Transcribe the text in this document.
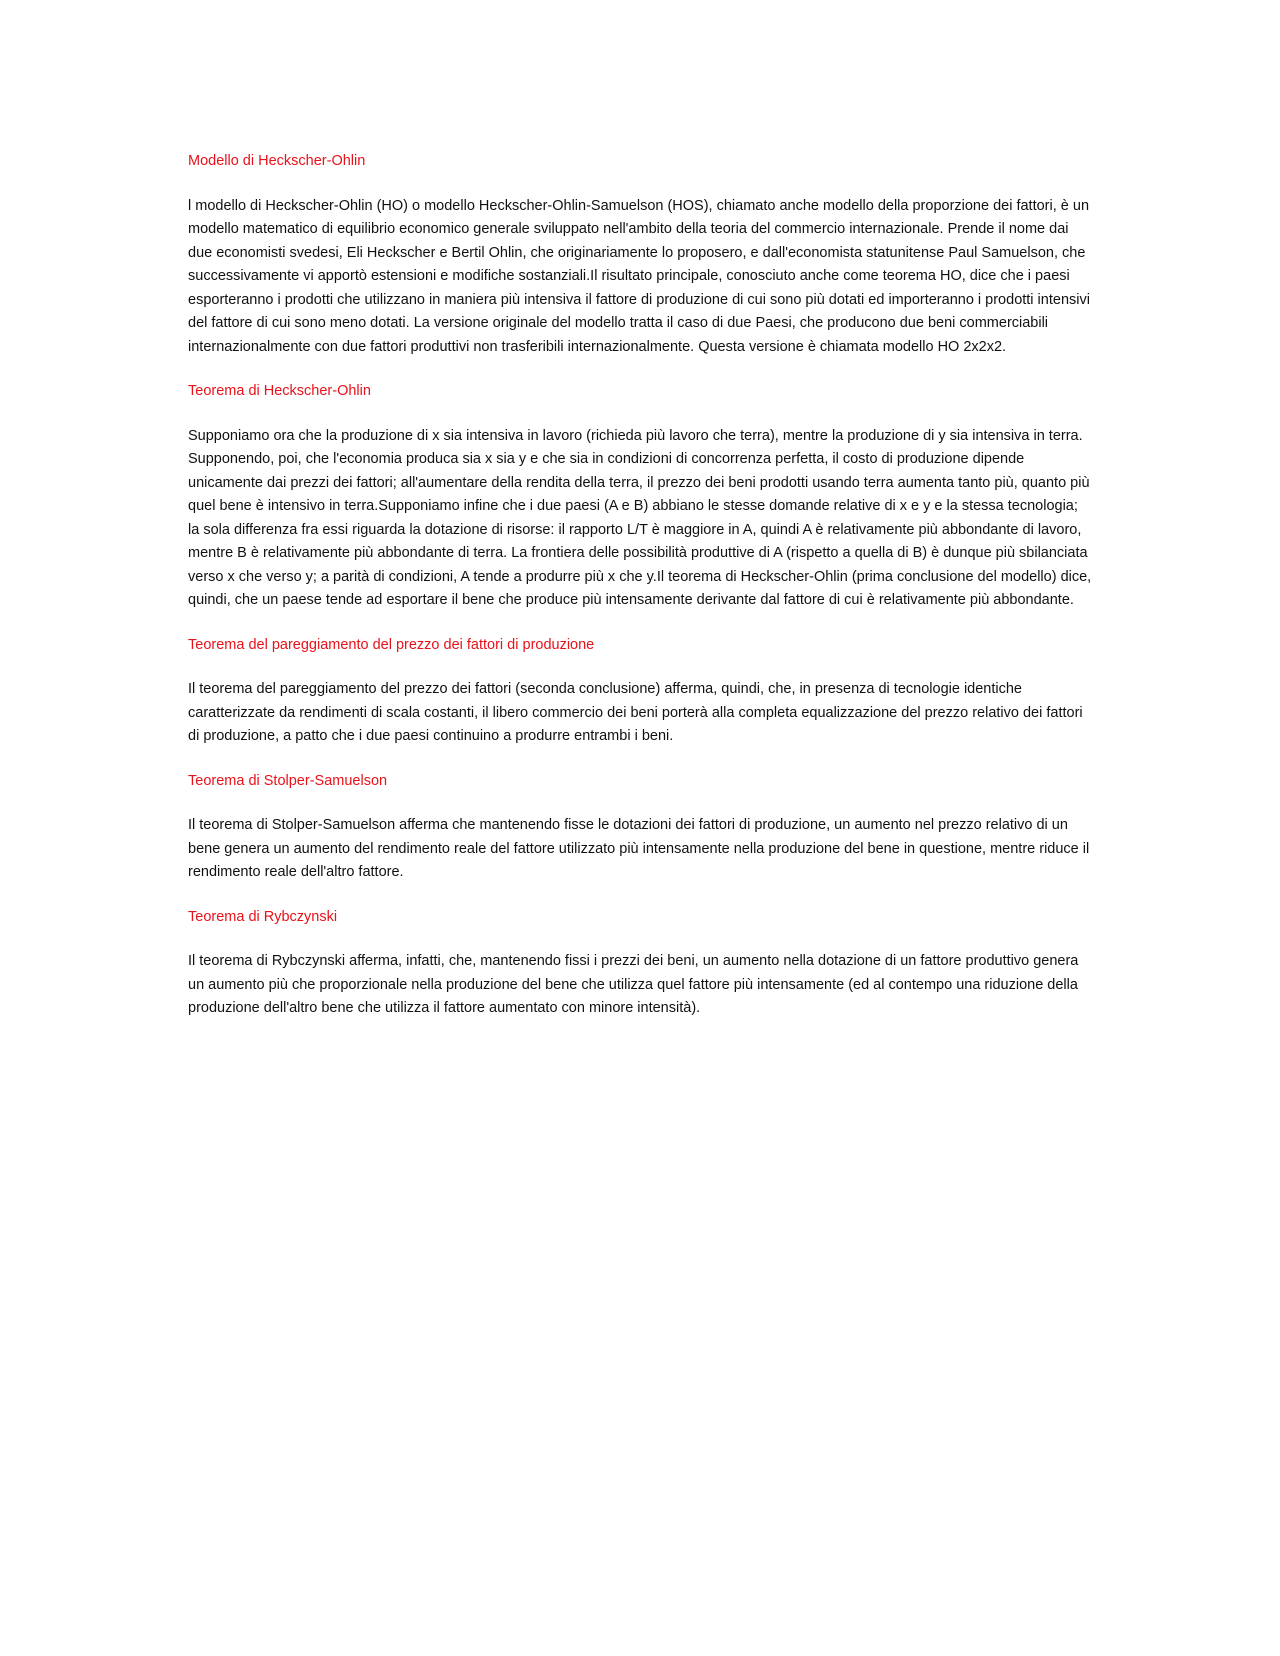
Modello di Heckscher-Ohlin

l modello di Heckscher-Ohlin (HO) o modello Heckscher-Ohlin-Samuelson (HOS), chiamato anche modello della proporzione dei fattori, è un modello matematico di equilibrio economico generale sviluppato nell'ambito della teoria del commercio internazionale. Prende il nome dai due economisti svedesi, Eli Heckscher e Bertil Ohlin, che originariamente lo proposero, e dall'economista statunitense Paul Samuelson, che successivamente vi apportò estensioni e modifiche sostanziali.Il risultato principale, conosciuto anche come teorema HO, dice che i paesi esporteranno i prodotti che utilizzano in maniera più intensiva il fattore di produzione di cui sono più dotati ed importeranno i prodotti intensivi del fattore di cui sono meno dotati. La versione originale del modello tratta il caso di due Paesi, che producono due beni commerciabili internazionalmente con due fattori produttivi non trasferibili internazionalmente. Questa versione è chiamata modello HO 2x2x2.

Teorema di Heckscher-Ohlin

Supponiamo ora che la produzione di x sia intensiva in lavoro (richieda più lavoro che terra), mentre la produzione di y sia intensiva in terra. Supponendo, poi, che l'economia produca sia x sia y e che sia in condizioni di concorrenza perfetta, il costo di produzione dipende unicamente dai prezzi dei fattori; all'aumentare della rendita della terra, il prezzo dei beni prodotti usando terra aumenta tanto più, quanto più quel bene è intensivo in terra.Supponiamo infine che i due paesi (A e B) abbiano le stesse domande relative di x e y e la stessa tecnologia; la sola differenza fra essi riguarda la dotazione di risorse: il rapporto L/T è maggiore in A, quindi A è relativamente più abbondante di lavoro, mentre B è relativamente più abbondante di terra. La frontiera delle possibilità produttive di A (rispetto a quella di B) è dunque più sbilanciata verso x che verso y; a parità di condizioni, A tende a produrre più x che y.Il teorema di Heckscher-Ohlin (prima conclusione del modello) dice, quindi, che un paese tende ad esportare il bene che produce più intensamente derivante dal fattore di cui è relativamente più abbondante.

Teorema del pareggiamento del prezzo dei fattori di produzione

Il teorema del pareggiamento del prezzo dei fattori (seconda conclusione) afferma, quindi, che, in presenza di tecnologie identiche caratterizzate da rendimenti di scala costanti, il libero commercio dei beni porterà alla completa equalizzazione del prezzo relativo dei fattori di produzione, a patto che i due paesi continuino a produrre entrambi i beni.

Teorema di Stolper-Samuelson

Il teorema di Stolper-Samuelson afferma che mantenendo fisse le dotazioni dei fattori di produzione, un aumento nel prezzo relativo di un bene genera un aumento del rendimento reale del fattore utilizzato più intensamente nella produzione del bene in questione, mentre riduce il rendimento reale dell'altro fattore.

Teorema di Rybczynski

Il teorema di Rybczynski afferma, infatti, che, mantenendo fissi i prezzi dei beni, un aumento nella dotazione di un fattore produttivo genera un aumento più che proporzionale nella produzione del bene che utilizza quel fattore più intensamente (ed al contempo una riduzione della produzione dell'altro bene che utilizza il fattore aumentato con minore intensità).
